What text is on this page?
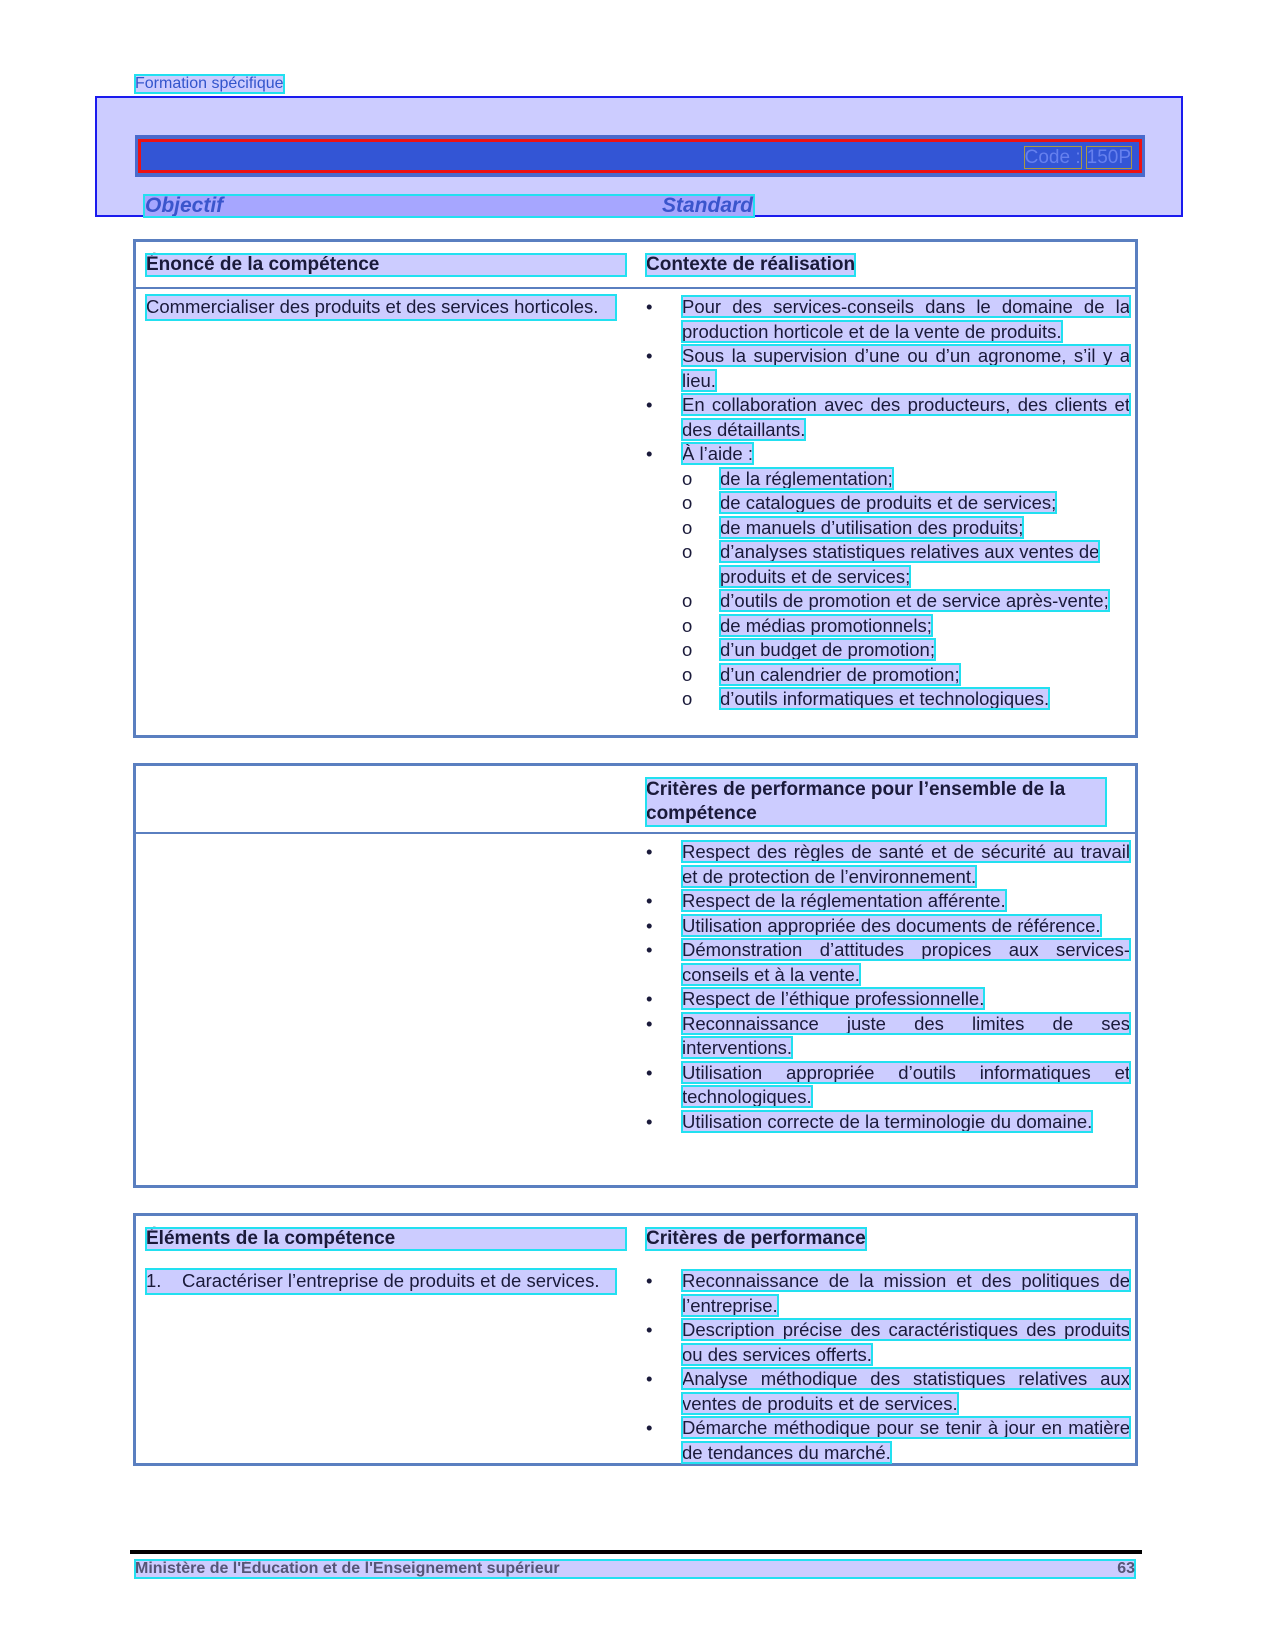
Formation spécifique
Code : 150P
Objectif	Standard
Énoncé de la compétence	Contexte de réalisation
Commercialiser des produits et des services horticoles.	• Pour des services-conseils dans le domaine de la production horticole et de la vente de produits.
• Sous la supervision d’une ou d’un agronome, s’il y a lieu.
• En collaboration avec des producteurs, des clients et des détaillants.
• À l’aide :
o de la réglementation;
o de catalogues de produits et de services;
o de manuels d’utilisation des produits;
o d’analyses statistiques relatives aux ventes de produits et de services;
o d’outils de promotion et de service après-vente;
o de médias promotionnels;
o d’un budget de promotion;
o d’un calendrier de promotion;
o d’outils informatiques et technologiques.
Critères de performance pour l’ensemble de la compétence
• Respect des règles de santé et de sécurité au travail et de protection de l’environnement.
• Respect de la réglementation afférente.
• Utilisation appropriée des documents de référence.
• Démonstration d’attitudes propices aux services-conseils et à la vente.
• Respect de l’éthique professionnelle.
• Reconnaissance juste des limites de ses interventions.
• Utilisation appropriée d’outils informatiques et technologiques.
• Utilisation correcte de la terminologie du domaine.
Éléments de la compétence	Critères de performance
1. Caractériser l’entreprise de produits et de services.	• Reconnaissance de la mission et des politiques de l’entreprise.
• Description précise des caractéristiques des produits ou des services offerts.
• Analyse méthodique des statistiques relatives aux ventes de produits et de services.
• Démarche méthodique pour se tenir à jour en matière de tendances du marché.
Ministère de l'Éducation et de l'Enseignement supérieur	63
